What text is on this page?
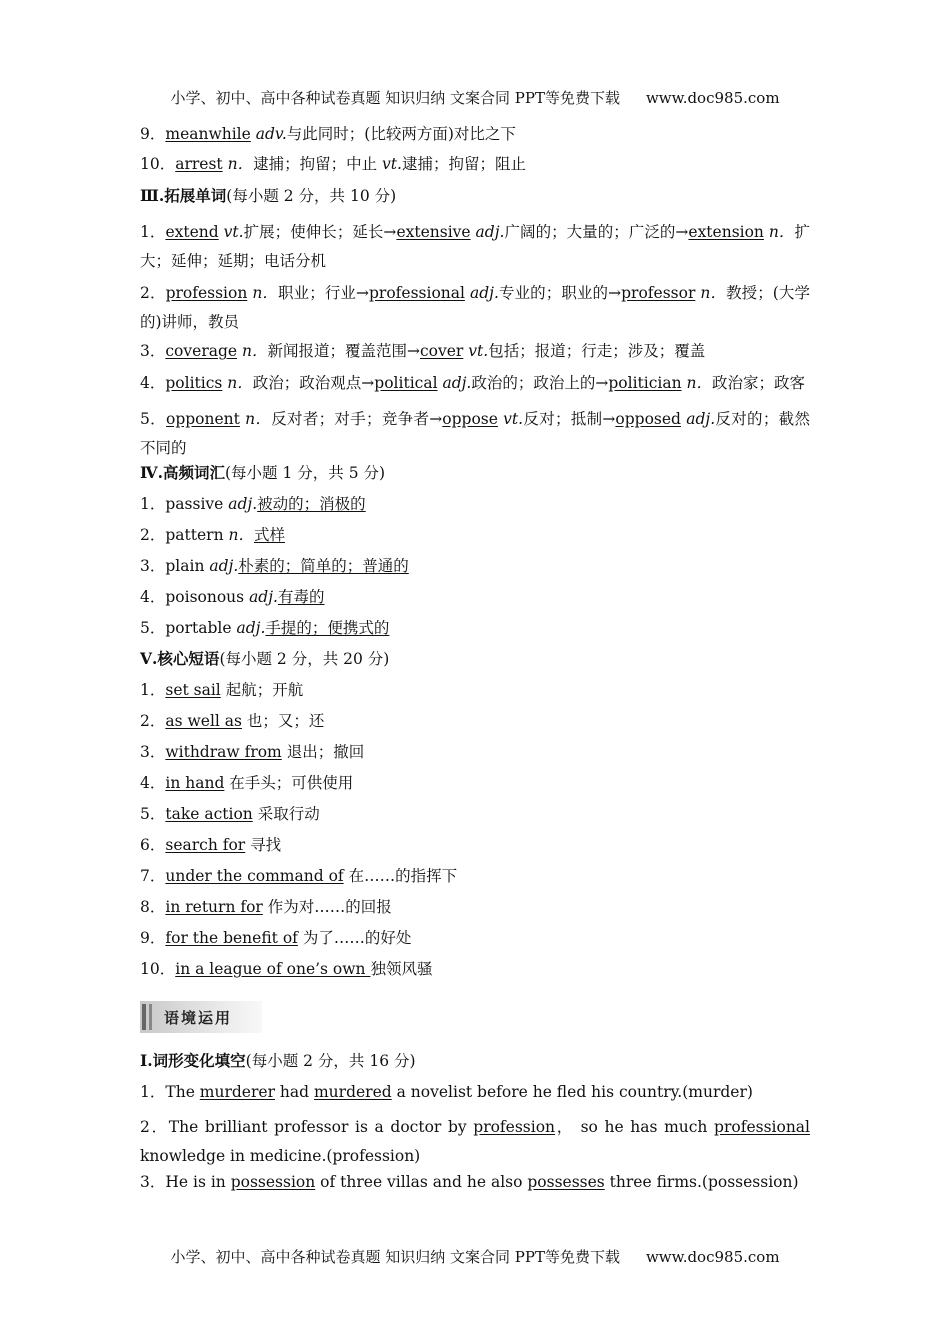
小学、初中、高中各种试卷真题 知识归纳 文案合同 PPT等免费下载 www.doc985.com
9．meanwhile adv.与此同时；(比较两方面)对比之下
10．arrest n．逮捕；拘留；中止 vt.逮捕；拘留；阻止
Ⅲ.拓展单词(每小题 2 分，共 10 分)
1．extend vt.扩展；使伸长；延长→extensive adj.广阔的；大量的；广泛的→extension n．扩大；延伸；延期；电话分机
2．profession n．职业；行业→professional adj.专业的；职业的→professor n．教授；(大学的)讲师，教员
3．coverage n．新闻报道；覆盖范围→cover vt.包括；报道；行走；涉及；覆盖
4．politics n．政治；政治观点→political adj.政治的；政治上的→politician n．政治家；政客
5．opponent n．反对者；对手；竞争者→oppose vt.反对；抵制→opposed adj.反对的；截然不同的
Ⅳ.高频词汇(每小题 1 分，共 5 分)
1．passive adj.被动的；消极的
2．pattern n．式样
3．plain adj.朴素的；简单的；普通的
4．poisonous adj.有毒的
5．portable adj.手提的；便携式的
Ⅴ.核心短语(每小题 2 分，共 20 分)
1．set sail 起航；开航
2．as well as 也；又；还
3．withdraw from 退出；撤回
4．in hand 在手头；可供使用
5．take action 采取行动
6．search for 寻找
7．under the command of 在……的指挥下
8．in return for 作为对……的回报
9．for the benefit of 为了……的好处
10．in a league of one’s own 独领风骚
语境运用
Ⅰ.词形变化填空(每小题 2 分，共 16 分)
1．The murderer had murdered a novelist before he fled his country.(murder)
2．The brilliant professor is a doctor by profession， so he has much professional knowledge in medicine.(profession)
3．He is in possession of three villas and he also possesses three firms.(possession)
小学、初中、高中各种试卷真题 知识归纳 文案合同 PPT等免费下载 www.doc985.com
